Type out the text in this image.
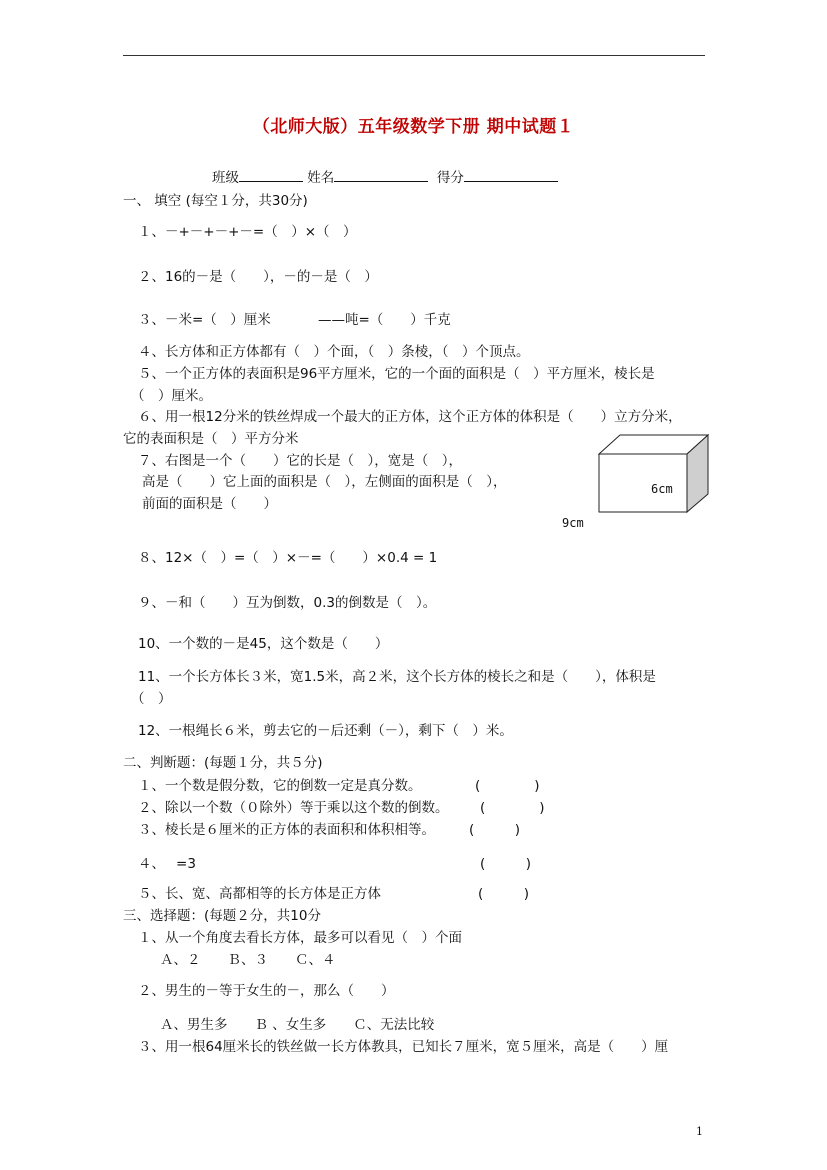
（北师大版）五年级数学下册 期中试题１
班级	姓名	得分
一、 填空 (每空１分，共30分)
１、－+－+－+－=（　）×（　）
２、16的－是（　　），－的－是（　）
３、－米=（　）厘米	——吨=（　　）千克
４、长方体和正方体都有（　）个面，（　）条棱，（　）个顶点。
５、一个正方体的表面积是96平方厘米，它的一个面的面积是（　）平方厘米，棱长是
（　）厘米。
６、用一根12分米的铁丝焊成一个最大的正方体，这个正方体的体积是（　　）立方分米，
它的表面积是（　）平方分米
７、右图是一个（　　）它的长是（　），宽是（　），
高是（　　）它上面的面积是（　），左侧面的面积是（　），
前面的面积是（　　）
6cm
9cm
８、12×（　）=（　）×－=（　　）×0.4 = 1
９、－和（　　）互为倒数，0.3的倒数是（　）。
10、一个数的－是45，这个数是（　　）
11、一个长方体长３米，宽1.5米，高２米，这个长方体的棱长之和是（　　），体积是
（　）
12、一根绳长６米，剪去它的－后还剩（－），剩下（　）米。
二、判断题：(每题１分，共５分)
１、一个数是假分数，它的倒数一定是真分数。	(　　　　)
２、除以一个数（０除外）等于乘以这个数的倒数。 (　　　　)
３、棱长是６厘米的正方体的表面积和体积相等。	(　　　)
４、　 =3	(　　　)
５、长、宽、高都相等的长方体是正方体	(　　　)
三、选择题：(每题２分，共10分
１、从一个角度去看长方体，最多可以看见（　）个面
Ａ、２　　Ｂ、３　　Ｃ、４
２、男生的－等于女生的－，那么（　　）
Ａ、男生多　　Ｂ 、女生多　　Ｃ、无法比较
３、用一根64厘米长的铁丝做一长方体教具，已知长７厘米，宽５厘米，高是（　　）厘
1
